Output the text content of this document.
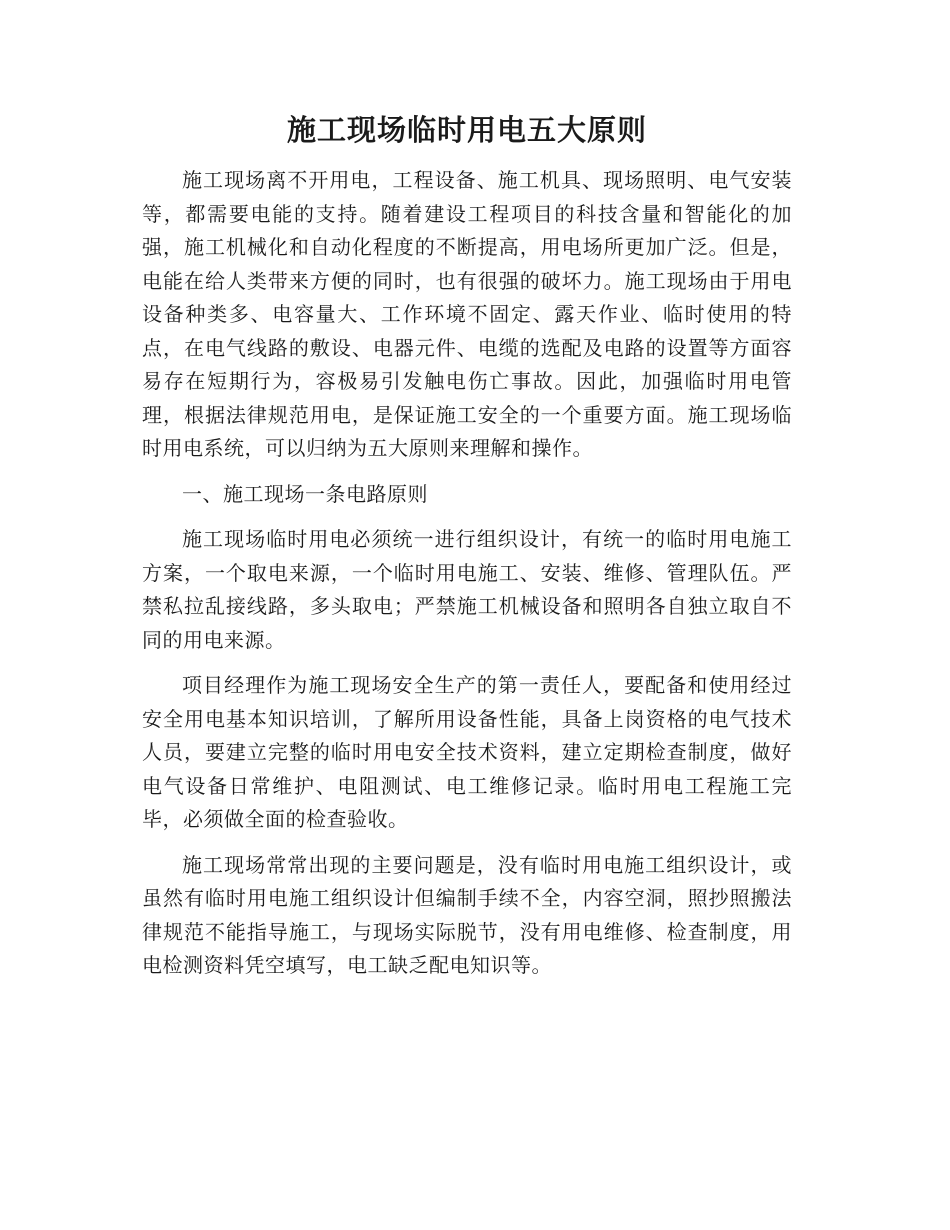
施工现场临时用电五大原则

施工现场离不开用电，工程设备、施工机具、现场照明、电气安装等，都需要电能的支持。随着建设工程项目的科技含量和智能化的加强，施工机械化和自动化程度的不断提高，用电场所更加广泛。但是，电能在给人类带来方便的同时，也有很强的破坏力。施工现场由于用电设备种类多、电容量大、工作环境不固定、露天作业、临时使用的特点，在电气线路的敷设、电器元件、电缆的选配及电路的设置等方面容易存在短期行为，容极易引发触电伤亡事故。因此，加强临时用电管理，根据法律规范用电，是保证施工安全的一个重要方面。施工现场临时用电系统，可以归纳为五大原则来理解和操作。

一、施工现场一条电路原则

施工现场临时用电必须统一进行组织设计，有统一的临时用电施工方案，一个取电来源，一个临时用电施工、安装、维修、管理队伍。严禁私拉乱接线路，多头取电；严禁施工机械设备和照明各自独立取自不同的用电来源。

项目经理作为施工现场安全生产的第一责任人，要配备和使用经过安全用电基本知识培训，了解所用设备性能，具备上岗资格的电气技术人员，要建立完整的临时用电安全技术资料，建立定期检查制度，做好电气设备日常维护、电阻测试、电工维修记录。临时用电工程施工完毕，必须做全面的检查验收。

施工现场常常出现的主要问题是，没有临时用电施工组织设计，或虽然有临时用电施工组织设计但编制手续不全，内容空洞，照抄照搬法律规范不能指导施工，与现场实际脱节，没有用电维修、检查制度，用电检测资料凭空填写，电工缺乏配电知识等。
